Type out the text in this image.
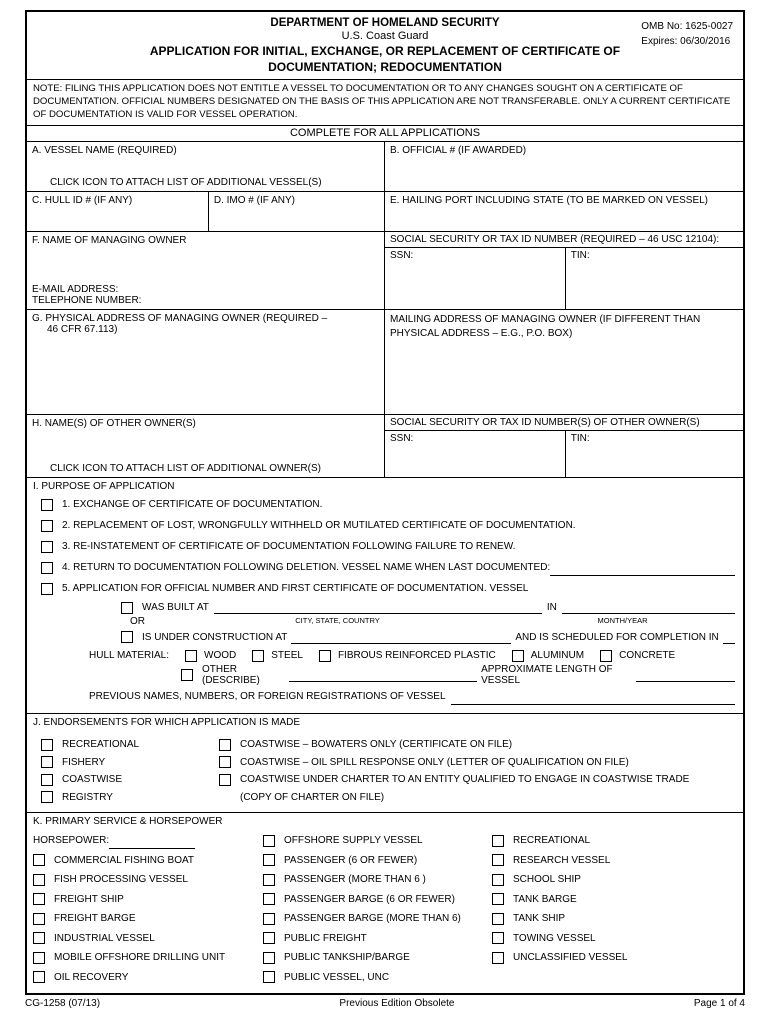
DEPARTMENT OF HOMELAND SECURITY
U.S. Coast Guard
APPLICATION FOR INITIAL, EXCHANGE, OR REPLACEMENT OF CERTIFICATE OF
DOCUMENTATION; REDOCUMENTATION
OMB No: 1625-0027
Expires: 06/30/2016
NOTE: FILING THIS APPLICATION DOES NOT ENTITLE A VESSEL TO DOCUMENTATION OR TO ANY CHANGES SOUGHT ON A CERTIFICATE OF DOCUMENTATION. OFFICIAL NUMBERS DESIGNATED ON THE BASIS OF THIS APPLICATION ARE NOT TRANSFERABLE. ONLY A CURRENT CERTIFICATE OF DOCUMENTATION IS VALID FOR VESSEL OPERATION.
COMPLETE FOR ALL APPLICATIONS
A. VESSEL NAME (REQUIRED)
CLICK ICON TO ATTACH LIST OF ADDITIONAL VESSEL(S)
B. OFFICIAL # (IF AWARDED)
C. HULL ID # (IF ANY)	D. IMO # (IF ANY)	E. HAILING PORT INCLUDING STATE (TO BE MARKED ON VESSEL)
F. NAME OF MANAGING OWNER
E-MAIL ADDRESS:
TELEPHONE NUMBER:
SOCIAL SECURITY OR TAX ID NUMBER (REQUIRED – 46 USC 12104):
SSN:	TIN:
G. PHYSICAL ADDRESS OF MANAGING OWNER (REQUIRED –
46 CFR 67.113)
MAILING ADDRESS OF MANAGING OWNER (IF DIFFERENT THAN PHYSICAL ADDRESS – E.G., P.O. BOX)
H. NAME(S) OF OTHER OWNER(S)
CLICK ICON TO ATTACH LIST OF ADDITIONAL OWNER(S)
SOCIAL SECURITY OR TAX ID NUMBER(S) OF OTHER OWNER(S)
SSN:	TIN:
I. PURPOSE OF APPLICATION
1. EXCHANGE OF CERTIFICATE OF DOCUMENTATION.
2. REPLACEMENT OF LOST, WRONGFULLY WITHHELD OR MUTILATED CERTIFICATE OF DOCUMENTATION.
3. RE-INSTATEMENT OF CERTIFICATE OF DOCUMENTATION FOLLOWING FAILURE TO RENEW.
4. RETURN TO DOCUMENTATION FOLLOWING DELETION. VESSEL NAME WHEN LAST DOCUMENTED:
5. APPLICATION FOR OFFICIAL NUMBER AND FIRST CERTIFICATE OF DOCUMENTATION. VESSEL
WAS BUILT AT	IN
OR	CITY, STATE, COUNTRY	MONTH/YEAR
IS UNDER CONSTRUCTION AT	AND IS SCHEDULED FOR COMPLETION IN
HULL MATERIAL:	WOOD	STEEL	FIBROUS REINFORCED PLASTIC	ALUMINUM	CONCRETE
OTHER (DESCRIBE)
APPROXIMATE LENGTH OF VESSEL
PREVIOUS NAMES, NUMBERS, OR FOREIGN REGISTRATIONS OF VESSEL
J. ENDORSEMENTS FOR WHICH APPLICATION IS MADE
RECREATIONAL	COASTWISE – BOWATERS ONLY (CERTIFICATE ON FILE)
FISHERY	COASTWISE – OIL SPILL RESPONSE ONLY (LETTER OF QUALIFICATION ON FILE)
COASTWISE	COASTWISE UNDER CHARTER TO AN ENTITY QUALIFIED TO ENGAGE IN COASTWISE TRADE
REGISTRY	(COPY OF CHARTER ON FILE)
K. PRIMARY SERVICE & HORSEPOWER
HORSEPOWER:
COMMERCIAL FISHING BOAT
FISH PROCESSING VESSEL
FREIGHT SHIP
FREIGHT BARGE
INDUSTRIAL VESSEL
MOBILE OFFSHORE DRILLING UNIT
OIL RECOVERY
OFFSHORE SUPPLY VESSEL
PASSENGER (6 OR FEWER)
PASSENGER (MORE THAN 6 )
PASSENGER BARGE (6 OR FEWER)
PASSENGER BARGE (MORE THAN 6)
PUBLIC FREIGHT
PUBLIC TANKSHIP/BARGE
PUBLIC VESSEL, UNC
RECREATIONAL
RESEARCH VESSEL
SCHOOL SHIP
TANK BARGE
TANK SHIP
TOWING VESSEL
UNCLASSIFIED VESSEL
CG-1258 (07/13)	Previous Edition Obsolete	Page 1 of 4
